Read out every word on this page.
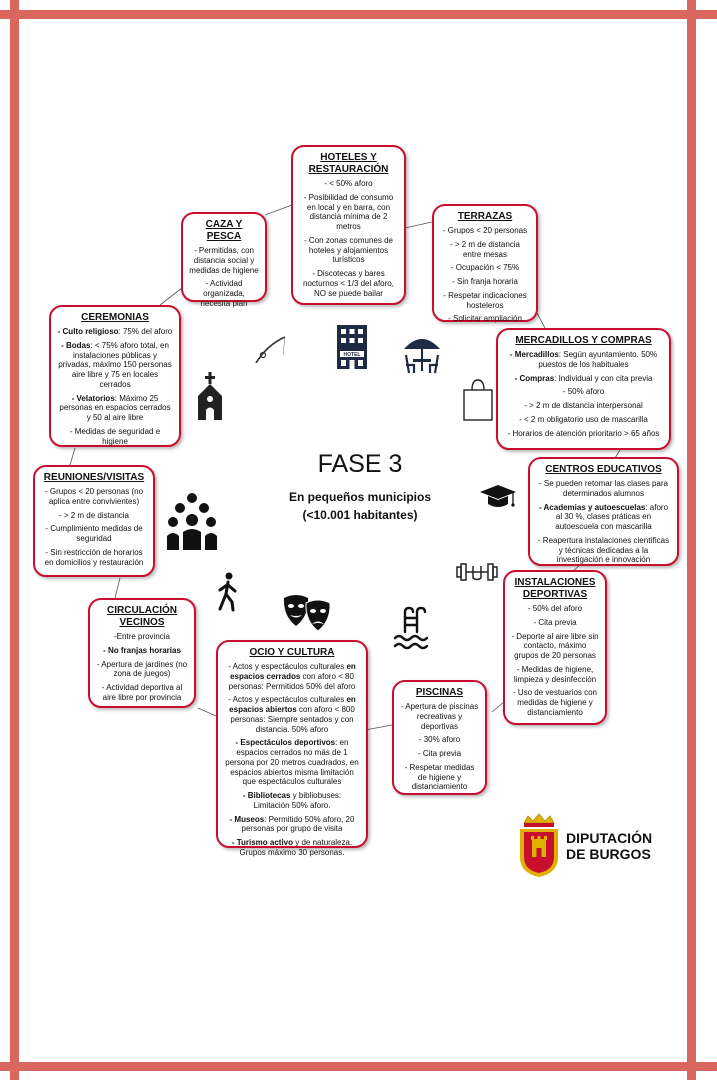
HOTELES Y RESTAURACIÓN
- < 50% aforo
- Posibilidad de consumo en local y en barra, con distancia mínima de 2 metros
- Con zonas comunes de hoteles y alojamientos turísticos
- Discotecas y bares nocturnos < 1/3 del aforo, NO se puede bailar
CAZA Y PESCA
- Permitidas, con distancia social y medidas de higiene
- Actividad organizada, necesita plan
TERRAZAS
- Grupos < 20 personas
- > 2 m de distancia entre mesas
- Ocupación < 75%
- Sin franja horaria
- Respetar indicaciones hosteleros
- Solicitar ampliación
CEREMONIAS
- Culto religioso: 75% del aforo
- Bodas: < 75% aforo total, en instalaciones públicas y privadas, máximo 150 personas aire libre y 75 en locales cerrados
- Velatorios: Máximo 25 personas en espacios cerrados y 50 al aire libre
- Medidas de seguridad e higiene
MERCADILLOS Y COMPRAS
- Mercadillos: Según ayuntamiento. 50% puestos de los habituales
- Compras: Individual y con cita previa
- 50% aforo
- > 2 m de distancia interpersonal
- < 2 m obligatorio uso de mascarilla
- Horarios de atención prioritario > 65 años
REUNIONES/VISITAS
- Grupos < 20 personas (no aplica entre convivientes)
- > 2 m de distancia
- Cumplimiento medidas de seguridad
- Sin restricción de horarios en domicilios y restauración
CENTROS EDUCATIVOS
- Se pueden retomar las clases para determinados alumnos
- Academias y autoescuelas: aforo al 30 %, clases práticas en autoescuela con mascarilla
- Reapertura instalaciones científicas y técnicas dedicadas a la investigación e innovación
CIRCULACIÓN VECINOS
-Entre provincia
- No franjas horarias
- Apertura de jardines (no zona de juegos)
- Actividad deportiva al aire libre por provincia
INSTALACIONES DEPORTIVAS
- 50% del aforo
- Cita previa
- Deporte al aire libre sin contacto, máximo grupos de 20 personas
- Medidas de higiene, limpieza y desinfección
- Uso de vestuarios con medidas de higiene y distanciamiento
OCIO Y CULTURA
- Actos y espectáculos culturales en espacios cerrados con aforo < 80 personas: Permitidos 50% del aforo
- Actos y espectáculos culturales en espacios abiertos con aforo < 800 personas: Siempre sentados y con distancia. 50% aforo
- Espectáculos deportivos: en espacios cerrados no más de 1 persona por 20 metros cuadrados, en espacios abiertos misma limitación que espectáculos culturales
- Bibliotecas y bibliobuses: Limitación 50% aforo.
- Museos: Permitido 50% aforo, 20 personas por grupo de visita
- Turismo activo y de naturaleza. Grupos máximo 30 personas.
PISCINAS
- Apertura de piscinas recreativas y deportivas
- 30% aforo
- Cita previa
- Respetar medidas de higiene y distanciamiento
FASE 3
En pequeños municipios
(<10.001 habitantes)
HOTEL
DIPUTACIÓN
DE BURGOS
